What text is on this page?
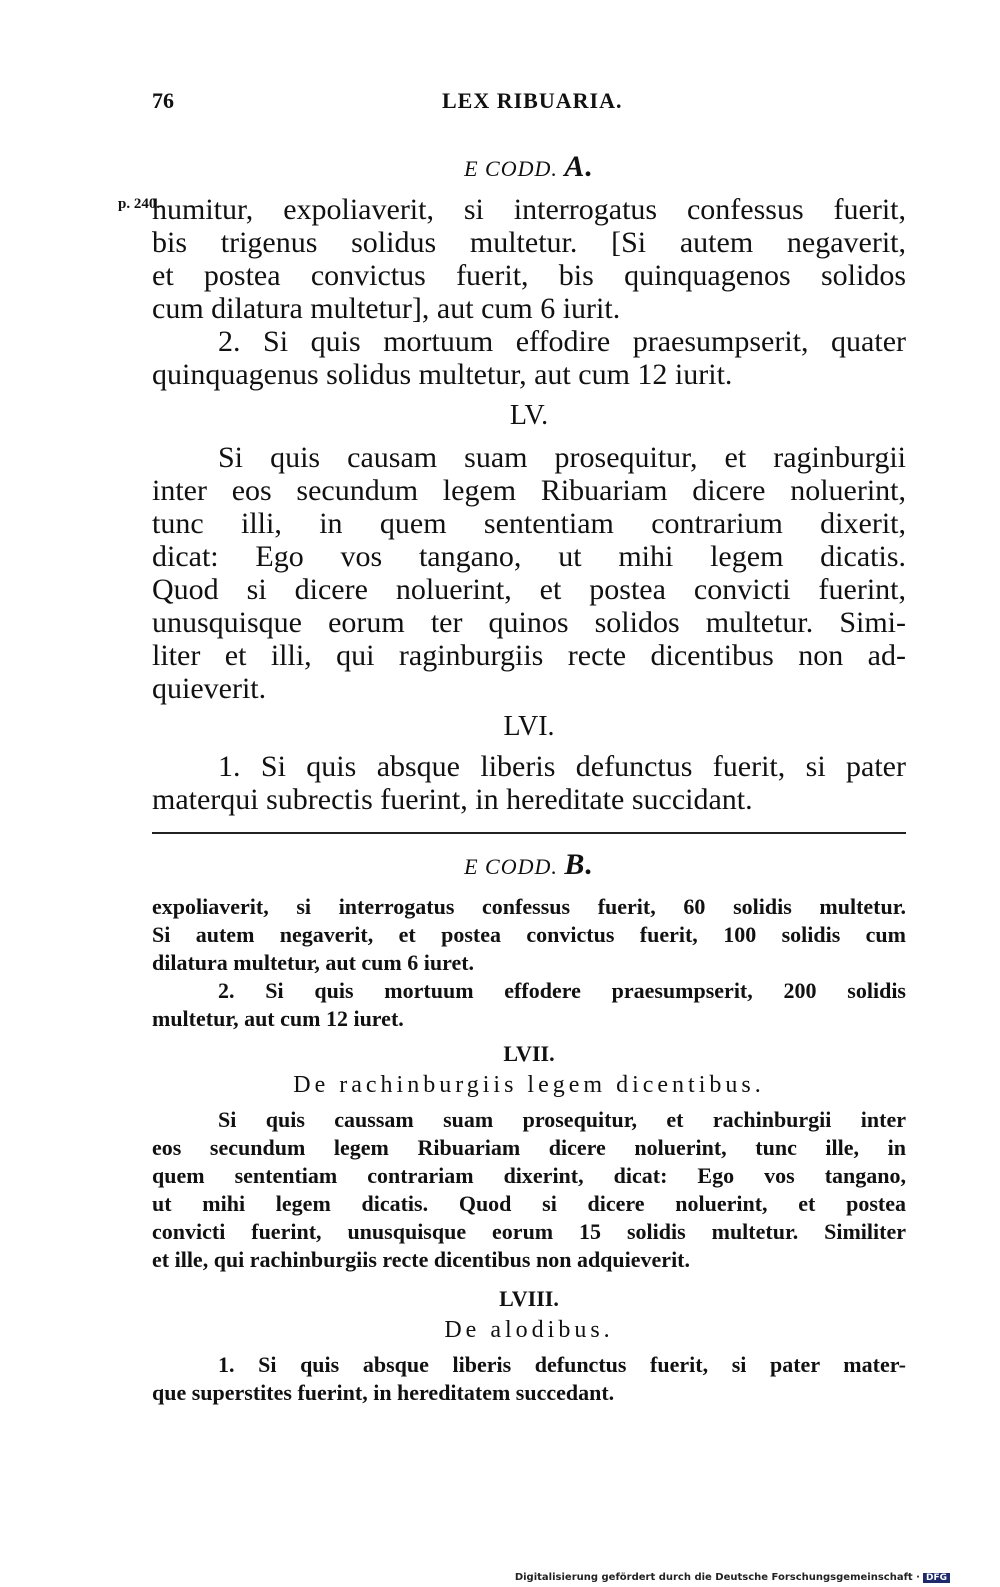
76	LEX RIBUARIA.
E CODD. A.
p. 240.

humitur, expoliaverit, si interrogatus confessus fuerit,

bis trigenus solidus multetur. [Si autem negaverit,

et postea convictus fuerit, bis quinquagenos solidos

cum dilatura multetur], aut cum 6 iurit.

2. Si quis mortuum effodire praesumpserit, quater

quinquagenus solidus multetur, aut cum 12 iurit.

LV.

Si quis causam suam prosequitur, et raginburgii

inter eos secundum legem Ribuariam dicere noluerint,

tunc illi, in quem sententiam contrarium dixerit,

dicat: Ego vos tangano, ut mihi legem dicatis.

Quod si dicere noluerint, et postea convicti fuerint,

unusquisque eorum ter quinos solidos multetur. Simi-

liter et illi, qui raginburgiis recte dicentibus non ad-

quieverit.

LVI.

1. Si quis absque liberis defunctus fuerit, si pater

materqui subrectis fuerint, in hereditate succidant.

E CODD. B.

expoliaverit, si interrogatus confessus fuerit, 60 solidis multetur.

Si autem negaverit, et postea convictus fuerit, 100 solidis cum

dilatura multetur, aut cum 6 iuret.

2. Si quis mortuum effodere praesumpserit, 200 solidis

multetur, aut cum 12 iuret.

LVII.
De rachinburgiis legem dicentibus.

Si quis caussam suam prosequitur, et rachinburgii inter

eos secundum legem Ribuariam dicere noluerint, tunc ille, in

quem sententiam contrariam dixerint, dicat: Ego vos tangano,

ut mihi legem dicatis. Quod si dicere noluerint, et postea

convicti fuerint, unusquisque eorum 15 solidis multetur. Similiter

et ille, qui rachinburgiis recte dicentibus non adquieverit.

LVIII.
De alodibus.

1. Si quis absque liberis defunctus fuerit, si pater mater-

que superstites fuerint, in hereditatem succedant.

Digitalisierung gefördert durch die Deutsche Forschungsgemeinschaft · DFG
